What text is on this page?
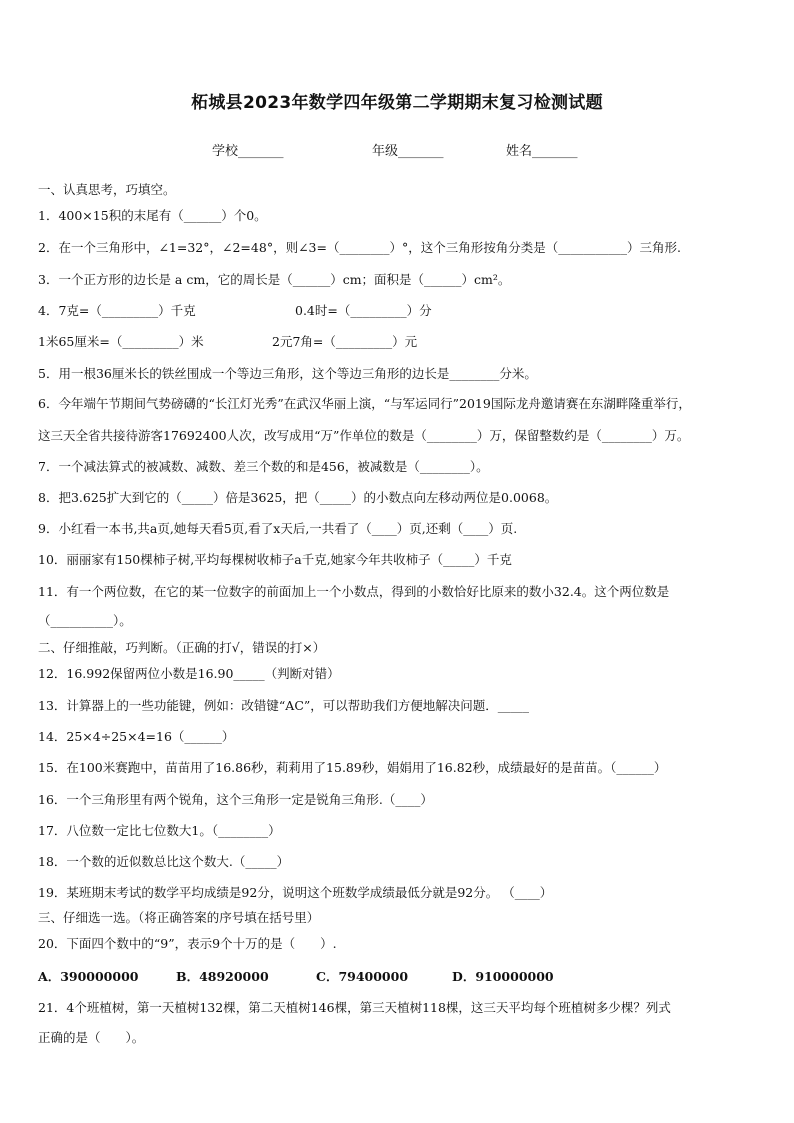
柘城县2023年数学四年级第二学期期末复习检测试题
学校_______	年级_______	姓名_______
一、认真思考，巧填空。
1．400×15积的末尾有（______）个0。
2．在一个三角形中，∠1=32°，∠2=48°，则∠3=（________）°，这个三角形按角分类是（___________）三角形.
3．一个正方形的边长是 a cm，它的周长是（______）cm；面积是（______）cm²。
4．7克=（_________）千克	0.4时=（_________）分
1米65厘米=（_________）米	2元7角=（_________）元
5．用一根36厘米长的铁丝围成一个等边三角形，这个等边三角形的边长是________分米。
6．今年端午节期间气势磅礴的“长江灯光秀”在武汉华丽上演，“与军运同行”2019国际龙舟邀请赛在东湖畔隆重举行，
这三天全省共接待游客17692400人次，改写成用“万”作单位的数是（________）万，保留整数约是（________）万。
7．一个减法算式的被减数、减数、差三个数的和是456，被减数是（________）。
8．把3.625扩大到它的（_____）倍是3625，把（_____）的小数点向左移动两位是0.0068。
9．小红看一本书,共a页,她每天看5页,看了x天后,一共看了（____）页,还剩（____）页.
10．丽丽家有150棵柿子树,平均每棵树收柿子a千克,她家今年共收柿子（_____）千克
11．有一个两位数，在它的某一位数字的前面加上一个小数点，得到的小数恰好比原来的数小32.4。这个两位数是
（__________）。
二、仔细推敲，巧判断。（正确的打√，错误的打×）
12．16.992保留两位小数是16.90_____（判断对错）
13．计算器上的一些功能键，例如：改错键“AC”，可以帮助我们方便地解决问题．_____
14．25×4÷25×4=16（______）
15．在100米赛跑中，苗苗用了16.86秒，莉莉用了15.89秒，娟娟用了16.82秒，成绩最好的是苗苗。（______）
16．一个三角形里有两个锐角，这个三角形一定是锐角三角形.（____）
17．八位数一定比七位数大1。（________）
18．一个数的近似数总比这个数大.（_____）
19．某班期末考试的数学平均成绩是92分，说明这个班数学成绩最低分就是92分。 （____）
三、仔细选一选。（将正确答案的序号填在括号里）
20．下面四个数中的“9”，表示9个十万的是（　　）.
A．390000000	B．48920000	C．79400000	D．910000000
21．4个班植树，第一天植树132棵，第二天植树146棵，第三天植树118棵，这三天平均每个班植树多少棵？列式
正确的是（　　）。
